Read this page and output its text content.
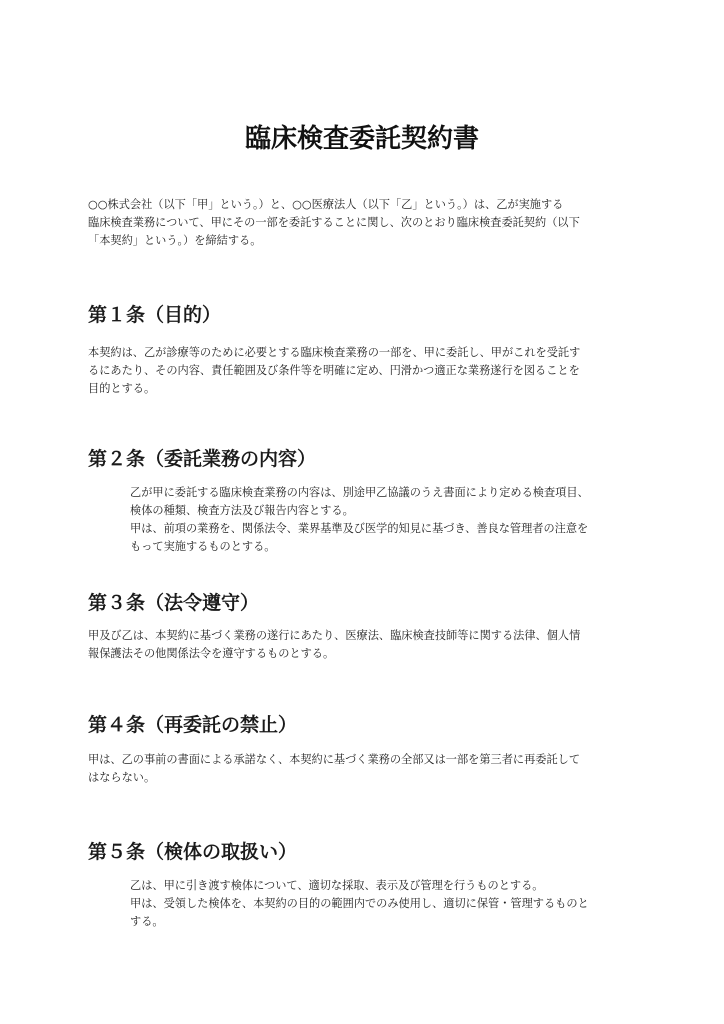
臨床検査委託契約書
○○株式会社（以下「甲」という。）と、○○医療法人（以下「乙」という。）は、乙が実施する
臨床検査業務について、甲にその一部を委託することに関し、次のとおり臨床検査委託契約（以下
「本契約」という。）を締結する。
第１条（目的）
本契約は、乙が診療等のために必要とする臨床検査業務の一部を、甲に委託し、甲がこれを受託す
るにあたり、その内容、責任範囲及び条件等を明確に定め、円滑かつ適正な業務遂行を図ることを
目的とする。
第２条（委託業務の内容）
乙が甲に委託する臨床検査業務の内容は、別途甲乙協議のうえ書面により定める検査項目、
検体の種類、検査方法及び報告内容とする。
甲は、前項の業務を、関係法令、業界基準及び医学的知見に基づき、善良な管理者の注意を
もって実施するものとする。
第３条（法令遵守）
甲及び乙は、本契約に基づく業務の遂行にあたり、医療法、臨床検査技師等に関する法律、個人情
報保護法その他関係法令を遵守するものとする。
第４条（再委託の禁止）
甲は、乙の事前の書面による承諾なく、本契約に基づく業務の全部又は一部を第三者に再委託して
はならない。
第５条（検体の取扱い）
乙は、甲に引き渡す検体について、適切な採取、表示及び管理を行うものとする。
甲は、受領した検体を、本契約の目的の範囲内でのみ使用し、適切に保管・管理するものと
する。
